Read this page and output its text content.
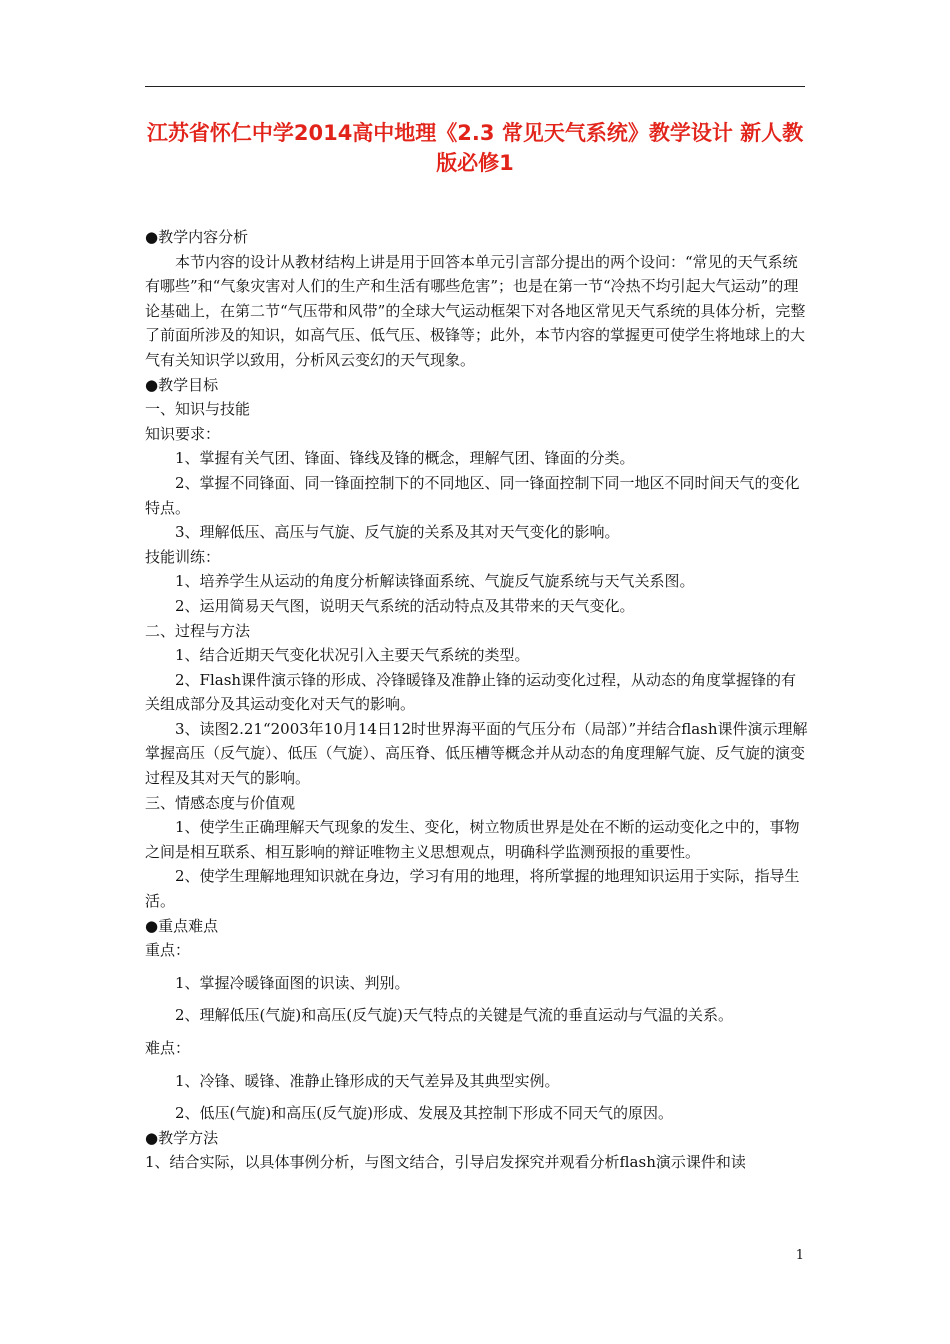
江苏省怀仁中学2014高中地理《2.3 常见天气系统》教学设计 新人教版必修1

●教学内容分析

本节内容的设计从教材结构上讲是用于回答本单元引言部分提出的两个设问：“常见的天气系统有哪些”和“气象灾害对人们的生产和生活有哪些危害”；也是在第一节“冷热不均引起大气运动”的理论基础上，在第二节“气压带和风带”的全球大气运动框架下对各地区常见天气系统的具体分析，完整了前面所涉及的知识，如高气压、低气压、极锋等；此外，本节内容的掌握更可使学生将地球上的大气有关知识学以致用，分析风云变幻的天气现象。

●教学目标

一、知识与技能

知识要求：

1、掌握有关气团、锋面、锋线及锋的概念，理解气团、锋面的分类。

2、掌握不同锋面、同一锋面控制下的不同地区、同一锋面控制下同一地区不同时间天气的变化特点。

3、理解低压、高压与气旋、反气旋的关系及其对天气变化的影响。

技能训练：

1、培养学生从运动的角度分析解读锋面系统、气旋反气旋系统与天气关系图。

2、运用简易天气图，说明天气系统的活动特点及其带来的天气变化。

二、过程与方法

1、结合近期天气变化状况引入主要天气系统的类型。

2、Flash课件演示锋的形成、冷锋暖锋及准静止锋的运动变化过程，从动态的角度掌握锋的有关组成部分及其运动变化对天气的影响。

3、读图2.21“2003年10月14日12时世界海平面的气压分布（局部）”并结合flash课件演示理解掌握高压（反气旋）、低压（气旋）、高压脊、低压槽等概念并从动态的角度理解气旋、反气旋的演变过程及其对天气的影响。

三、情感态度与价值观

1、使学生正确理解天气现象的发生、变化，树立物质世界是处在不断的运动变化之中的，事物之间是相互联系、相互影响的辩证唯物主义思想观点，明确科学监测预报的重要性。

2、使学生理解地理知识就在身边，学习有用的地理，将所掌握的地理知识运用于实际，指导生活。

●重点难点

重点：

1、掌握冷暖锋面图的识读、判别。

2、理解低压(气旋)和高压(反气旋)天气特点的关键是气流的垂直运动与气温的关系。

难点：

1、冷锋、暖锋、准静止锋形成的天气差异及其典型实例。

2、低压(气旋)和高压(反气旋)形成、发展及其控制下形成不同天气的原因。

●教学方法

1、结合实际，以具体事例分析，与图文结合，引导启发探究并观看分析flash演示课件和读

1
